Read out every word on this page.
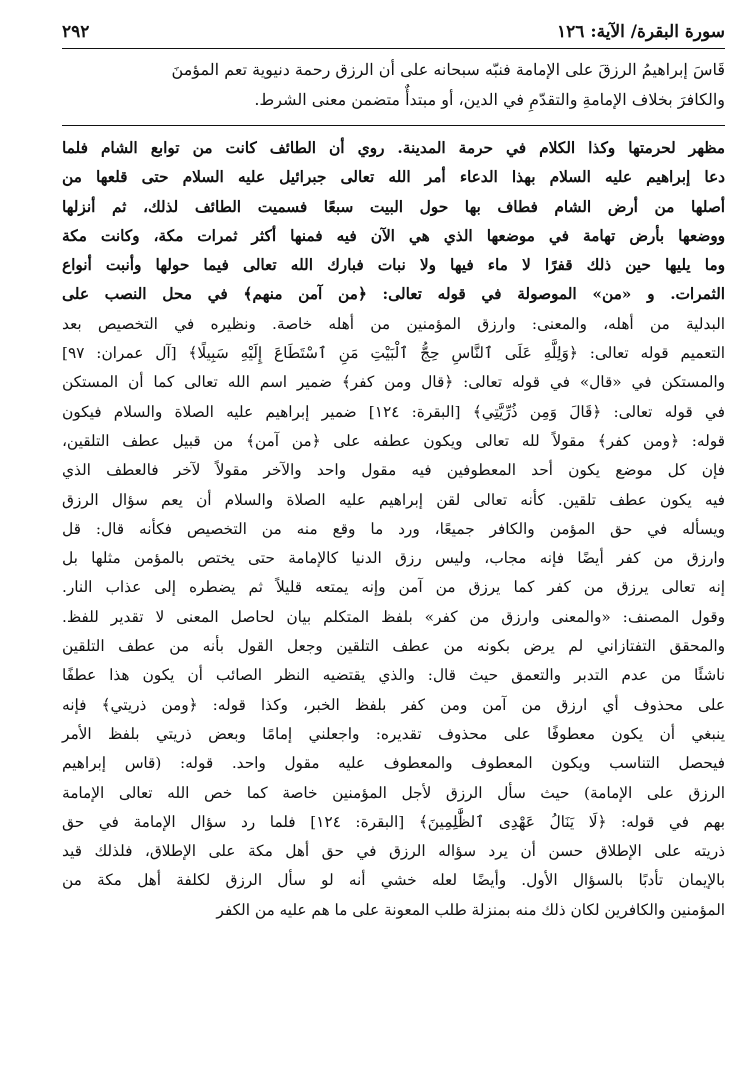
سورة البقرة/ الآية: ١٢٦
٢٩٢

قَاسَ إبراهيمُ الرزقَ على الإمامة فنبّه سبحانه على أن الرزق رحمة دنيوية تعم المؤمنَ

والكافرَ بخلاف الإمامةِ والتقدّمِ في الدين، أو مبتدأٌ متضمن معنى الشرط.

مظهر لحرمتها وكذا الكلام في حرمة المدينة. روي أن الطائف كانت من توابع الشام فلما

دعا إبراهيم عليه السلام بهذا الدعاء أمر الله تعالى جبرائيل عليه السلام حتى قلعها من

أصلها من أرض الشام فطاف بها حول البيت سبعًا فسميت الطائف لذلك، ثم أنزلها

ووضعها بأرض تهامة في موضعها الذي هي الآن فيه فمنها أكثر ثمرات مكة، وكانت مكة

وما يليها حين ذلك قفرًا لا ماء فيها ولا نبات فبارك الله تعالى فيما حولها وأنبت أنواع

الثمرات. و «من» الموصولة في قوله تعالى: ﴿من آمن منهم﴾ في محل النصب على

البدلية من أهله، والمعنى: وارزق المؤمنين من أهله خاصة. ونظيره في التخصيص بعد

التعميم قوله تعالى: ﴿وَلِلَّهِ عَلَى ٱلنَّاسِ حِجُّ ٱلْبَيْتِ مَنِ ٱسْتَطَاعَ إِلَيْهِ سَبِيلًا﴾ [آل عمران: ٩٧]

والمستكن في «قال» في قوله تعالى: ﴿قال ومن كفر﴾ ضمير اسم الله تعالى كما أن المستكن

في قوله تعالى: ﴿قَالَ وَمِن ذُرِّيَّتِي﴾ [البقرة: ١٢٤] ضمير إبراهيم عليه الصلاة والسلام فيكون

قوله: ﴿ومن كفر﴾ مقولاً لله تعالى ويكون عطفه على ﴿من آمن﴾ من قبيل عطف التلقين،

فإن كل موضع يكون أحد المعطوفين فيه مقول واحد والآخر مقولاً لآخر فالعطف الذي

فيه يكون عطف تلقين. كأنه تعالى لقن إبراهيم عليه الصلاة والسلام أن يعم سؤال الرزق

ويسأله في حق المؤمن والكافر جميعًا، ورد ما وقع منه من التخصيص فكأنه قال: قل

وارزق من كفر أيضًا فإنه مجاب، وليس رزق الدنيا كالإمامة حتى يختص بالمؤمن مثلها بل

إنه تعالى يرزق من كفر كما يرزق من آمن وإنه يمتعه قليلاً ثم يضطره إلى عذاب النار.

وقول المصنف: «والمعنى وارزق من كفر» بلفظ المتكلم بيان لحاصل المعنى لا تقدير للفظ.

والمحقق التفتازاني لم يرض بكونه من عطف التلقين وجعل القول بأنه من عطف التلقين

ناشئًا من عدم التدبر والتعمق حيث قال: والذي يقتضيه النظر الصائب أن يكون هذا عطفًا

على محذوف أي ارزق من آمن ومن كفر بلفظ الخبر، وكذا قوله: ﴿ومن ذريتي﴾ فإنه

ينبغي أن يكون معطوفًا على محذوف تقديره: واجعلني إمامًا وبعض ذريتي بلفظ الأمر

فيحصل التناسب ويكون المعطوف والمعطوف عليه مقول واحد. قوله: (قاس إبراهيم

الرزق على الإمامة) حيث سأل الرزق لأجل المؤمنين خاصة كما خص الله تعالى الإمامة

بهم في قوله: ﴿لَا يَنَالُ عَهْدِى ٱلظَّٰلِمِينَ﴾ [البقرة: ١٢٤] فلما رد سؤال الإمامة في حق

ذريته على الإطلاق حسن أن يرد سؤاله الرزق في حق أهل مكة على الإطلاق، فلذلك قيد

بالإيمان تأدبًا بالسؤال الأول. وأيضًا لعله خشي أنه لو سأل الرزق لكلفة أهل مكة من

المؤمنين والكافرين لكان ذلك منه بمنزلة طلب المعونة على ما هم عليه من الكفر
